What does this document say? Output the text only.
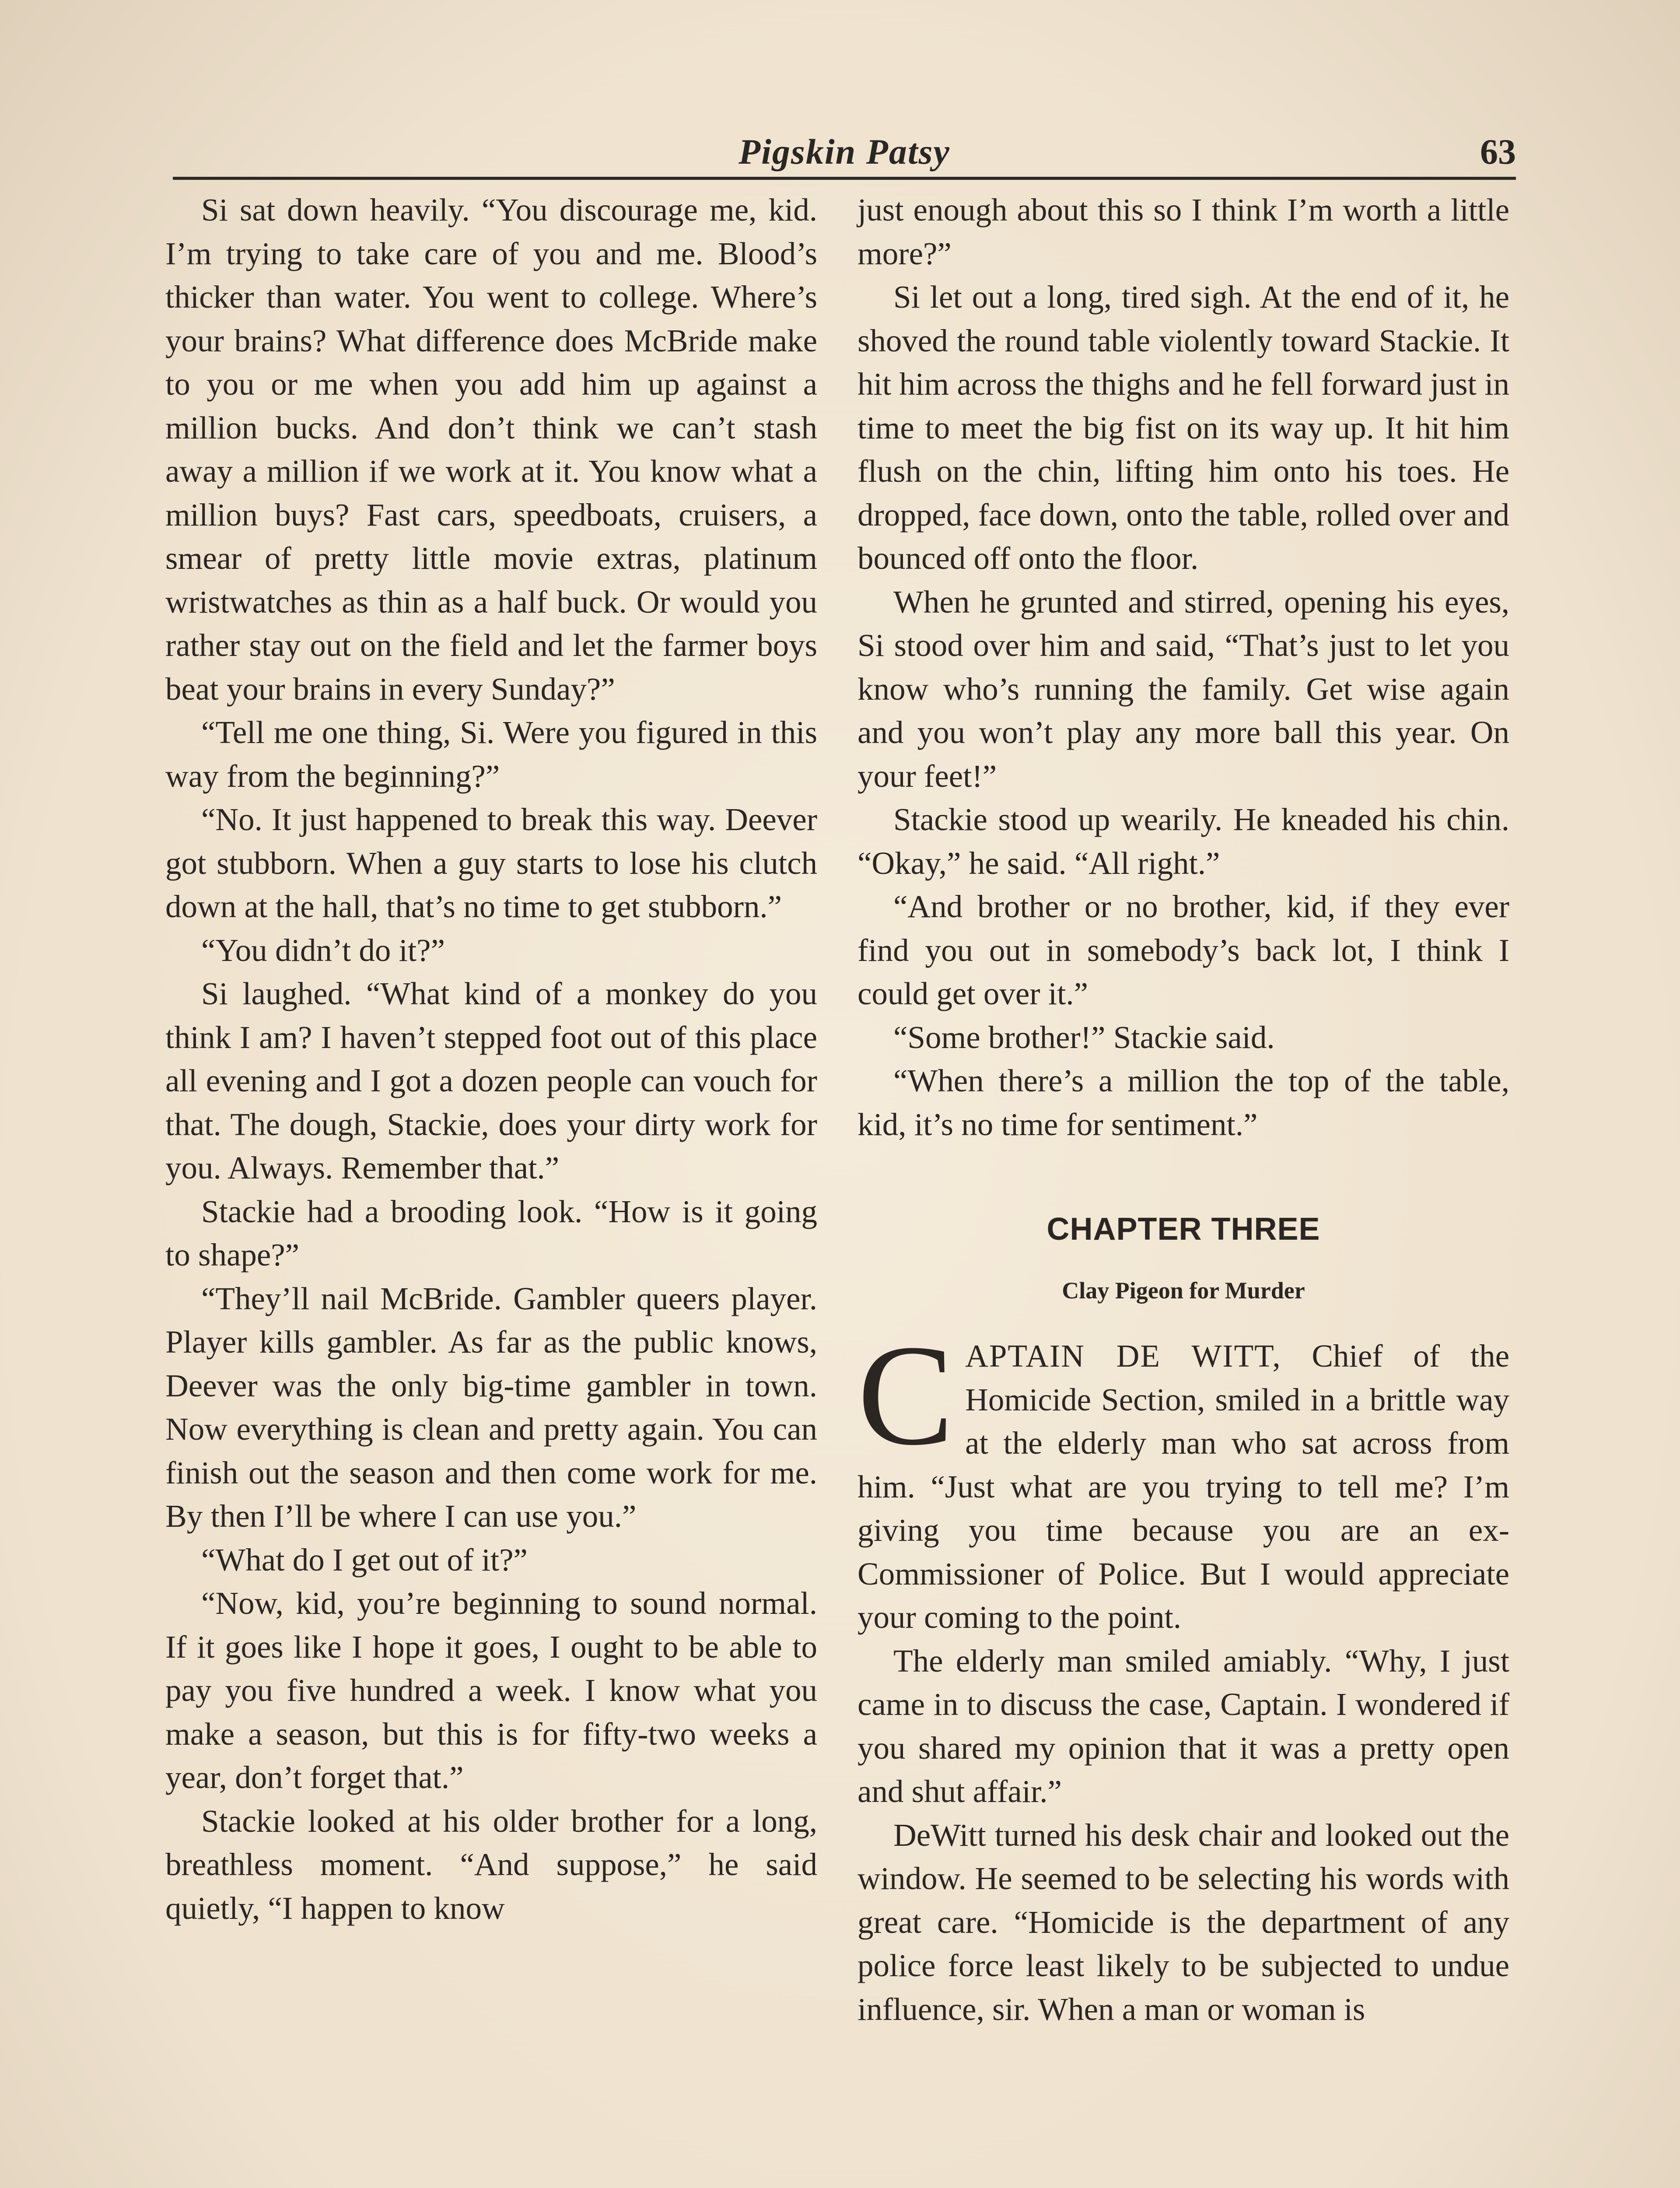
Pigskin Patsy	63

Si sat down heavily. “You discourage me, kid. I’m trying to take care of you and me. Blood’s thicker than water. You went to college. Where’s your brains? What difference does McBride make to you or me when you add him up against a million bucks. And don’t think we can’t stash away a million if we work at it. You know what a million buys? Fast cars, speedboats, cruisers, a smear of pretty little movie extras, platinum wristwatches as thin as a half buck. Or would you rather stay out on the field and let the farmer boys beat your brains in every Sunday?”

“Tell me one thing, Si. Were you figured in this way from the beginning?”

“No. It just happened to break this way. Deever got stubborn. When a guy starts to lose his clutch down at the hall, that’s no time to get stubborn.”

“You didn’t do it?”

Si laughed. “What kind of a monkey do you think I am? I haven’t stepped foot out of this place all evening and I got a dozen people can vouch for that. The dough, Stackie, does your dirty work for you. Always. Remember that.”

Stackie had a brooding look. “How is it going to shape?”

“They’ll nail McBride. Gambler queers player. Player kills gambler. As far as the public knows, Deever was the only big-time gambler in town. Now everything is clean and pretty again. You can finish out the season and then come work for me. By then I’ll be where I can use you.”

“What do I get out of it?”

“Now, kid, you’re beginning to sound normal. If it goes like I hope it goes, I ought to be able to pay you five hundred a week. I know what you make a season, but this is for fifty-two weeks a year, don’t forget that.”

Stackie looked at his older brother for a long, breathless moment. “And suppose,” he said quietly, “I happen to know

just enough about this so I think I’m worth a little more?”

Si let out a long, tired sigh. At the end of it, he shoved the round table violently toward Stackie. It hit him across the thighs and he fell forward just in time to meet the big fist on its way up. It hit him flush on the chin, lifting him onto his toes. He dropped, face down, onto the table, rolled over and bounced off onto the floor.

When he grunted and stirred, opening his eyes, Si stood over him and said, “That’s just to let you know who’s running the family. Get wise again and you won’t play any more ball this year. On your feet!”

Stackie stood up wearily. He kneaded his chin. “Okay,” he said. “All right.”

“And brother or no brother, kid, if they ever find you out in somebody’s back lot, I think I could get over it.”

“Some brother!” Stackie said.

“When there’s a million the top of the table, kid, it’s no time for sentiment.”

CHAPTER THREE
Clay Pigeon for Murder

CAPTAIN DE WITT, Chief of the Homicide Section, smiled in a brittle way at the elderly man who sat across from him. “Just what are you trying to tell me? I’m giving you time because you are an ex-Commissioner of Police. But I would appreciate your coming to the point.

The elderly man smiled amiably. “Why, I just came in to discuss the case, Captain. I wondered if you shared my opinion that it was a pretty open and shut affair.”

DeWitt turned his desk chair and looked out the window. He seemed to be selecting his words with great care. “Homicide is the department of any police force least likely to be subjected to undue influence, sir. When a man or woman is
